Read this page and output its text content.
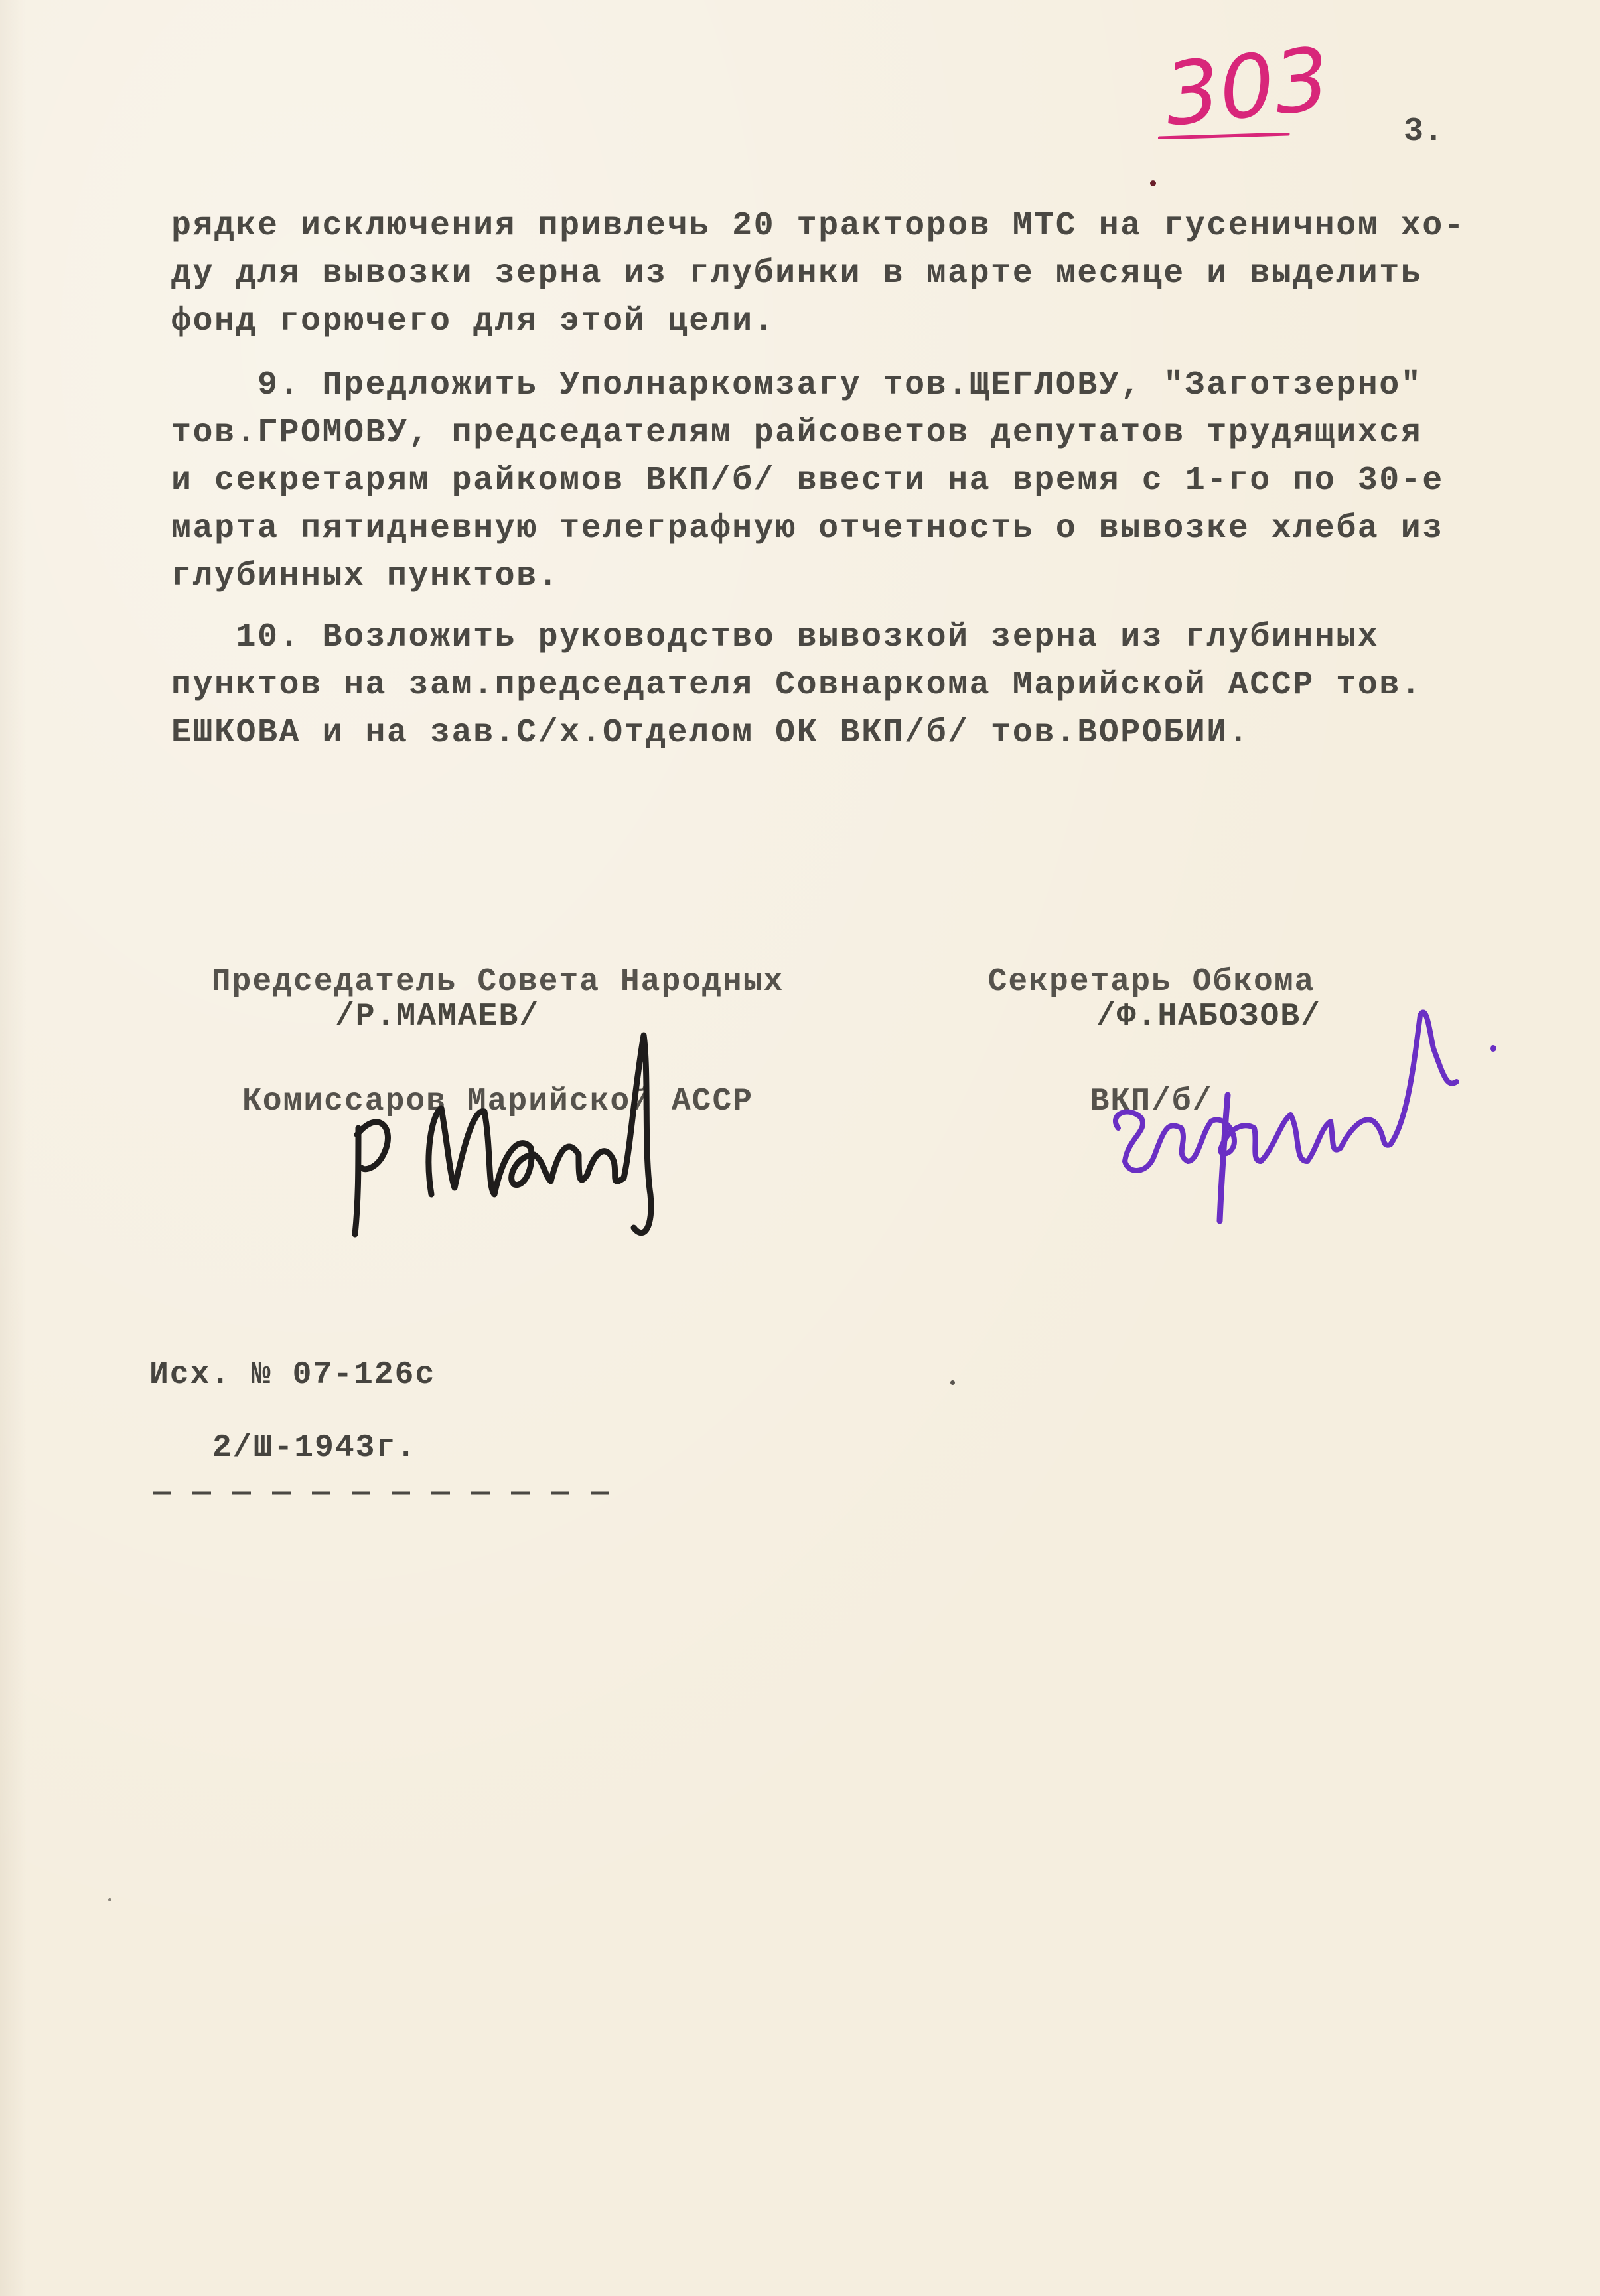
303 3.
рядке исключения привлечь 20 тракторов МТС на гусеничном хо-
ду для вывозки зерна из глубинки в марте месяце и выделить
фонд горючего для этой цели.
9. Предложить Уполнаркомзагу тов.ЩЕГЛОВУ, "Заготзерно"
тов.ГРОМОВУ, председателям райсоветов депутатов трудящихся
и секретарям райкомов ВКП/б/ ввести на время с 1-го по 30-е
марта пятидневную телеграфную отчетность о вывозке хлеба из
глубинных пунктов.
10. Возложить руководство вывозкой зерна из глубинных
пунктов на зам.председателя Совнаркома Марийской АССР тов.
ЕШКОВА и на зав.С/х.Отделом ОК ВКП/б/ тов.ВОРОБИИ.

Председатель Совета Народных

Комиссаров Марийской АССР

/Р.МАМАЕВ/

Секретарь Обкома

ВКП/б/

/Ф.НАБОЗОВ/
Исх. № 07-126с
2/Ш-1943г.
